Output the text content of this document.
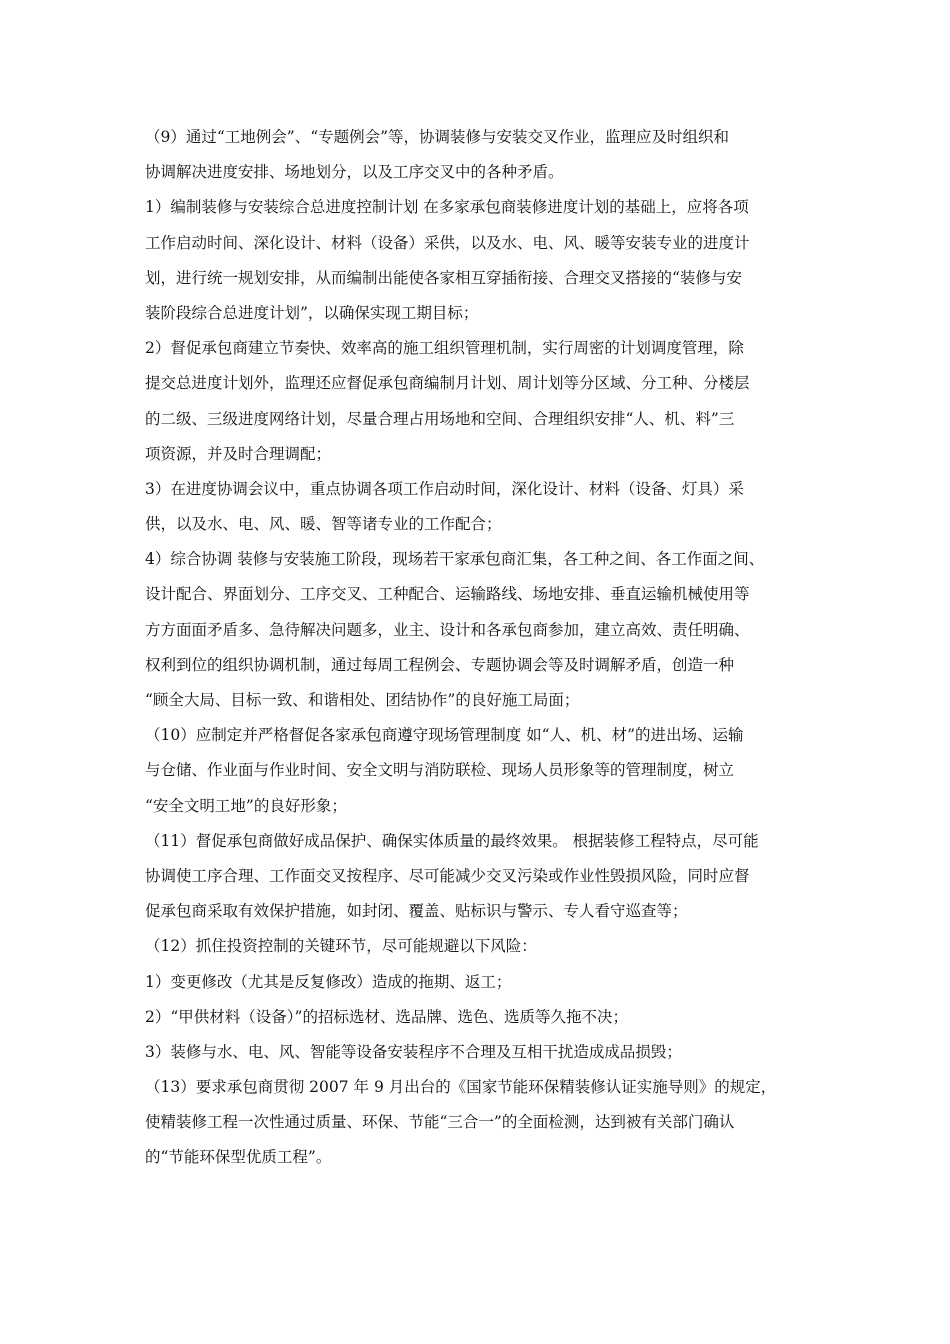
（9）通过“工地例会”、“专题例会”等，协调装修与安装交叉作业，监理应及时组织和
协调解决进度安排、场地划分，以及工序交叉中的各种矛盾。
1）编制装修与安装综合总进度控制计划 在多家承包商装修进度计划的基础上，应将各项
工作启动时间、深化设计、材料（设备）采供，以及水、电、风、暖等安装专业的进度计
划，进行统一规划安排，从而编制出能使各家相互穿插衔接、合理交叉搭接的“装修与安
装阶段综合总进度计划”，以确保实现工期目标；
2）督促承包商建立节奏快、效率高的施工组织管理机制，实行周密的计划调度管理，除
提交总进度计划外，监理还应督促承包商编制月计划、周计划等分区域、分工种、分楼层
的二级、三级进度网络计划，尽量合理占用场地和空间、合理组织安排“人、机、料”三
项资源，并及时合理调配；
3）在进度协调会议中，重点协调各项工作启动时间，深化设计、材料（设备、灯具）采
供，以及水、电、风、暖、智等诸专业的工作配合；
4）综合协调 装修与安装施工阶段，现场若干家承包商汇集，各工种之间、各工作面之间、
设计配合、界面划分、工序交叉、工种配合、运输路线、场地安排、垂直运输机械使用等
方方面面矛盾多、急待解决问题多，业主、设计和各承包商参加，建立高效、责任明确、
权利到位的组织协调机制，通过每周工程例会、专题协调会等及时调解矛盾，创造一种
“顾全大局、目标一致、和谐相处、团结协作”的良好施工局面；
（10）应制定并严格督促各家承包商遵守现场管理制度 如“人、机、材”的进出场、运输
与仓储、作业面与作业时间、安全文明与消防联检、现场人员形象等的管理制度，树立
“安全文明工地”的良好形象；
（11）督促承包商做好成品保护、确保实体质量的最终效果。 根据装修工程特点，尽可能
协调使工序合理、工作面交叉按程序、尽可能减少交叉污染或作业性毁损风险，同时应督
促承包商采取有效保护措施，如封闭、覆盖、贴标识与警示、专人看守巡查等；
（12）抓住投资控制的关键环节，尽可能规避以下风险：
1）变更修改（尤其是反复修改）造成的拖期、返工；
2）“甲供材料（设备）”的招标选材、选品牌、选色、选质等久拖不决；
3）装修与水、电、风、智能等设备安装程序不合理及互相干扰造成成品损毁；
（13）要求承包商贯彻 2007 年 9 月出台的《国家节能环保精装修认证实施导则》的规定，
使精装修工程一次性通过质量、环保、节能“三合一”的全面检测，达到被有关部门确认
的“节能环保型优质工程”。
